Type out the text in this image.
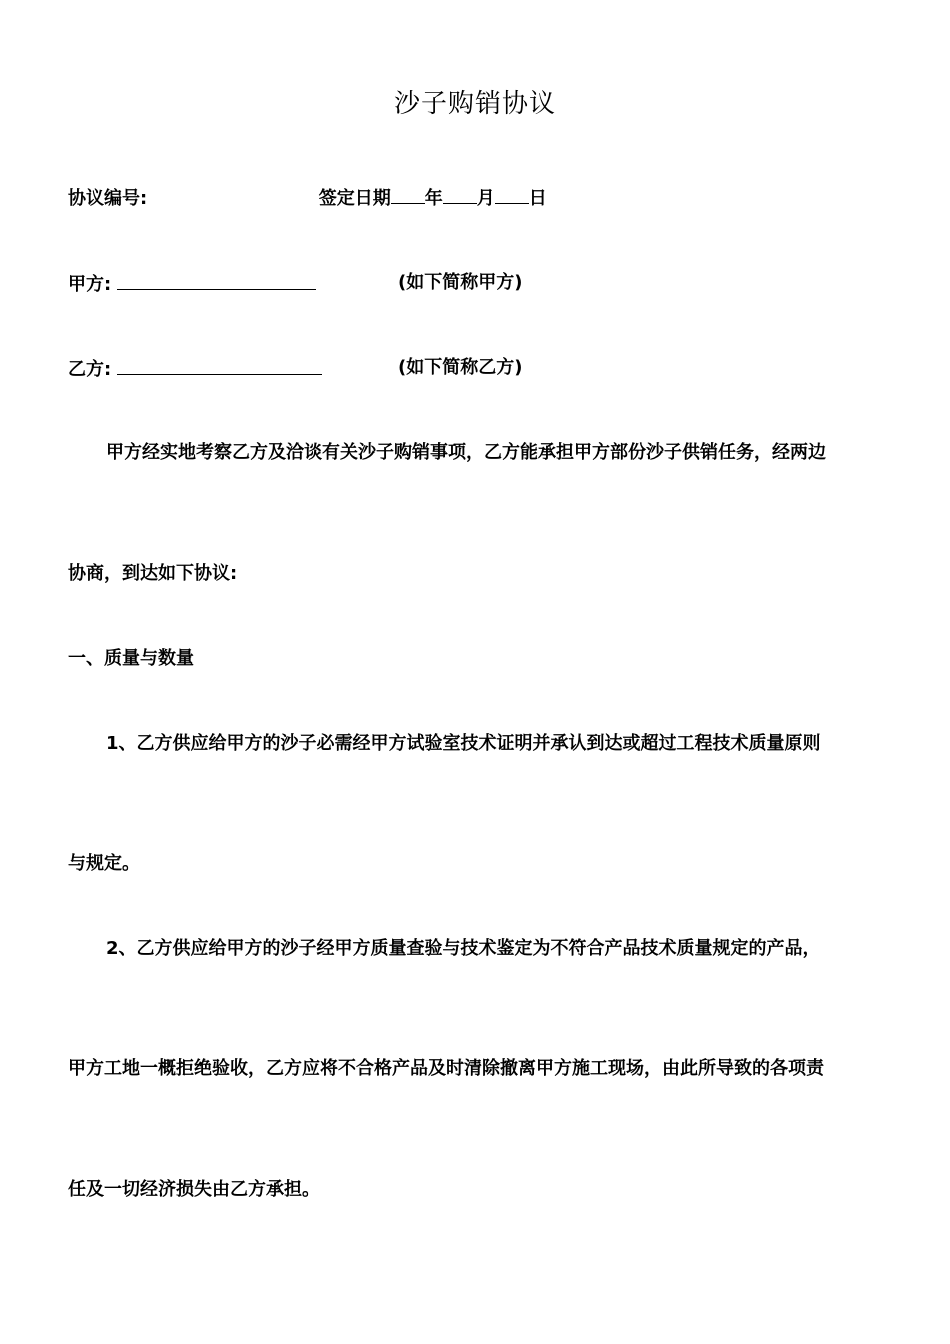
沙子购销协议
协议编号:	签定日期 年 月 日
甲方:	(如下简称甲方)
乙方:	(如下简称乙方)
甲方经实地考察乙方及洽谈有关沙子购销事项，乙方能承担甲方部份沙子供销任务，经两边
协商，到达如下协议:
一、质量与数量
1、乙方供应给甲方的沙子必需经甲方试验室技术证明并承认到达或超过工程技术质量原则
与规定。
2、乙方供应给甲方的沙子经甲方质量查验与技术鉴定为不符合产品技术质量规定的产品，
甲方工地一概拒绝验收，乙方应将不合格产品及时清除撤离甲方施工现场，由此所导致的各项责
任及一切经济损失由乙方承担。
